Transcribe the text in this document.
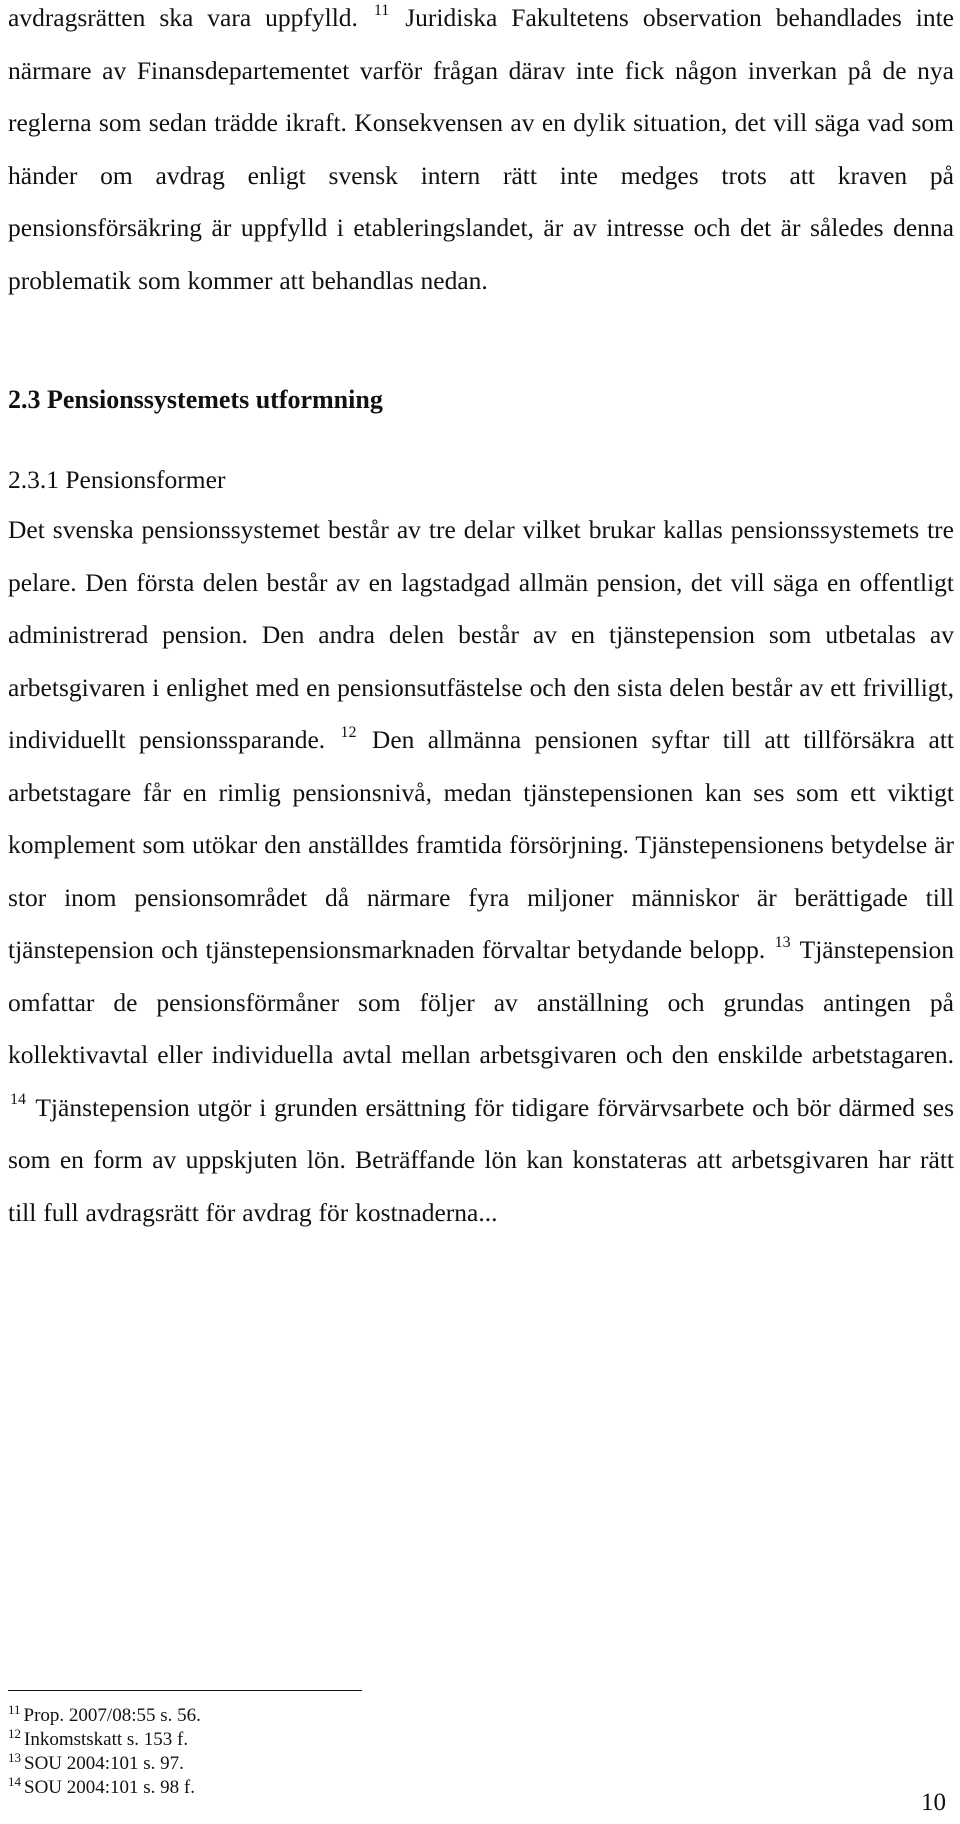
avdragsrätten ska vara uppfylld. $^{11}$ Juridiska Fakultetens observation behandlades inte närmare av Finansdepartementet varför frågan därav inte fick någon inverkan på de nya reglerna som sedan trädde ikraft. Konsekvensen av en dylik situation, det vill säga vad som händer om avdrag enligt svensk intern rätt inte medges trots att kraven på pensionsförsäkring är uppfylld i etableringslandet, är av intresse och det är således denna problematik som kommer att behandlas nedan.

2.3 Pensionssystemets utformning
2.3.1 Pensionsformer

Det svenska pensionssystemet består av tre delar vilket brukar kallas pensionssystemets tre pelare. Den första delen består av en lagstadgad allmän pension, det vill säga en offentligt administrerad pension. Den andra delen består av en tjänstepension som utbetalas av arbetsgivaren i enlighet med en pensionsutfästelse och den sista delen består av ett frivilligt, individuellt pensionssparande. $^{12}$ Den allmänna pensionen syftar till att tillförsäkra att arbetstagare får en rimlig pensionsnivå, medan tjänstepensionen kan ses som ett viktigt komplement som utökar den anställdes framtida försörjning. Tjänstepensionens betydelse är stor inom pensionsområdet då närmare fyra miljoner människor är berättigade till tjänstepension och tjänstepensionsmarknaden förvaltar betydande belopp. $^{13}$ Tjänstepension omfattar de pensionsförmåner som följer av anställning och grundas antingen på kollektivavtal eller individuella avtal mellan arbetsgivaren och den enskilde arbetstagaren. $^{14}$ Tjänstepension utgör i grunden ersättning för tidigare förvärvsarbete och bör därmed ses som en form av uppskjuten lön. Beträffande lön kan konstateras att arbetsgivaren har rätt till full avdragsrätt för avdrag för kostnaderna...

$^{11}$ Prop. 2007/08:55 s. 56.
$^{12}$ Inkomstskatt s. 153 f.
$^{13}$ SOU 2004:101 s. 97.
$^{14}$ SOU 2004:101 s. 98 f.
10
